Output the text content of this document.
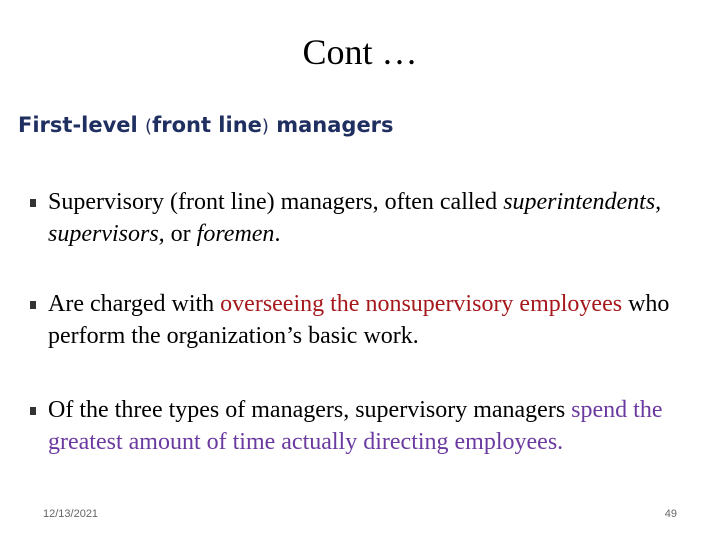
Cont …
First-level (front line) managers
Supervisory (front line) managers, often called superintendents, supervisors, or foremen.
Are charged with overseeing the nonsupervisory employees who perform the organization’s basic work.
Of the three types of managers, supervisory managers spend the greatest amount of time actually directing employees.
12/13/2021	49
